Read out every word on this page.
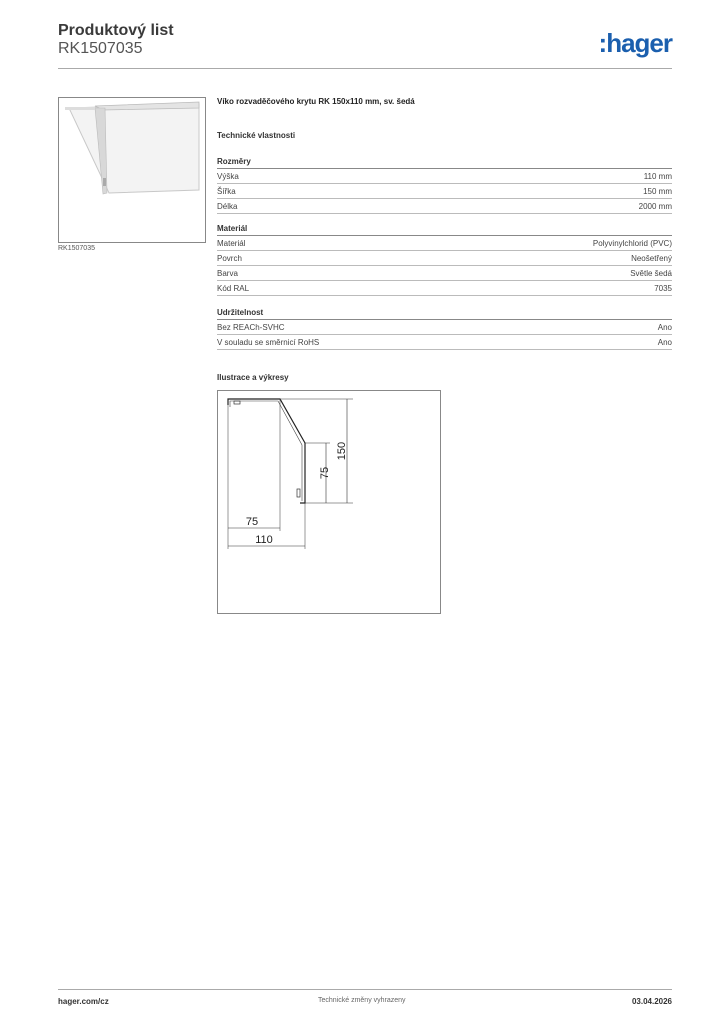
Produktový list
RK1507035	:hager
RK1507035
Víko rozvaděčového krytu RK 150x110 mm, sv. šedá
Technické vlastnosti
Rozměry
Výška	110 mm
Šířka	150 mm
Délka	2000 mm
Materiál
Materiál	Polyvinylchlorid (PVC)
Povrch	Neošetřený
Barva	Světle šedá
Kód RAL	7035
Udržitelnost
Bez REACh-SVHC	Ano
V souladu se směrnicí RoHS	Ano
Ilustrace a výkresy
75
150
75
110
hager.com/cz	Technické změny vyhrazeny	03.04.2026
